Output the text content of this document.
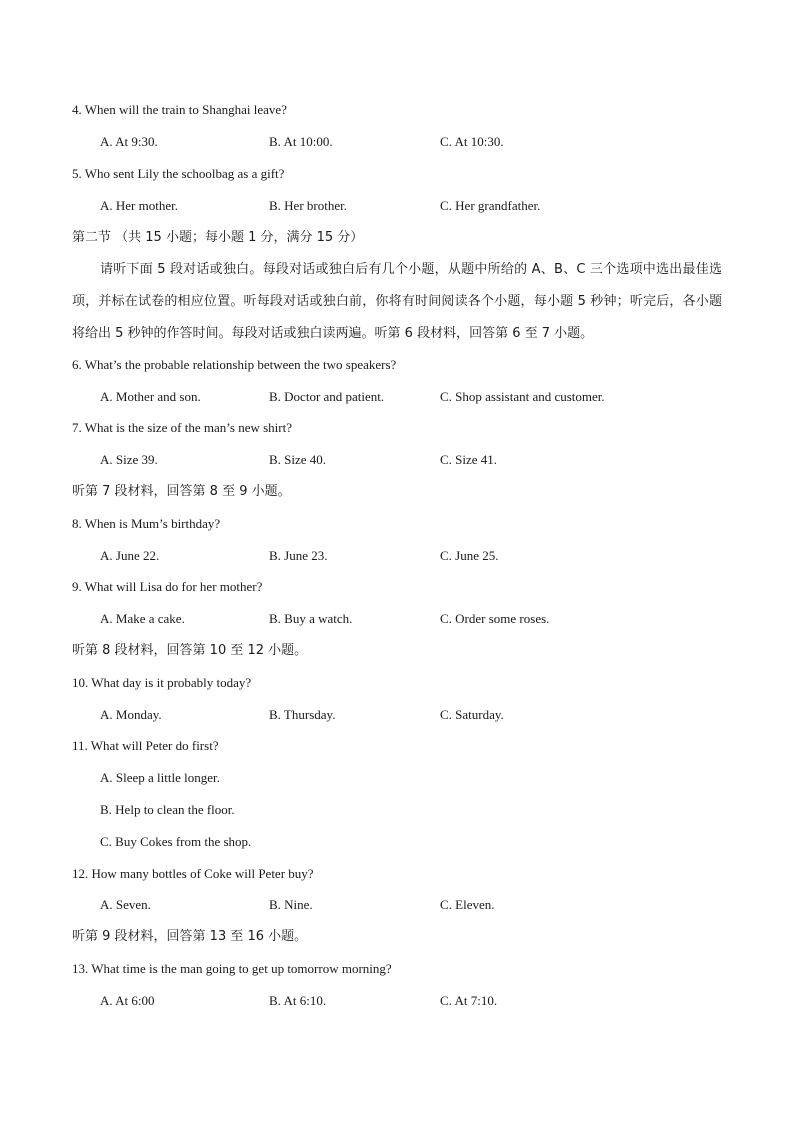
4. When will the train to Shanghai leave?
A. At 9:30.	B. At 10:00.	C. At 10:30.
5. Who sent Lily the schoolbag as a gift?
A. Her mother.	B. Her brother.	C. Her grandfather.
第二节 （共 15 小题；每小题 1 分，满分 15 分）
请听下面 5 段对话或独白。每段对话或独白后有几个小题，从题中所给的 A、B、C 三个选项中选出最佳选项，并标在试卷的相应位置。听每段对话或独白前，你将有时间阅读各个小题，每小题 5 秒钟；听完后，各小题将给出 5 秒钟的作答时间。每段对话或独白读两遍。听第 6 段材料，回答第 6 至 7 小题。
6. What’s the probable relationship between the two speakers?
A. Mother and son.	B. Doctor and patient.	C. Shop assistant and customer.
7. What is the size of the man’s new shirt?
A. Size 39.	B. Size 40.	C. Size 41.
听第 7 段材料，回答第 8 至 9 小题。
8. When is Mum’s birthday?
A. June 22.	B. June 23.	C. June 25.
9. What will Lisa do for her mother?
A. Make a cake.	B. Buy a watch.	C. Order some roses.
听第 8 段材料，回答第 10 至 12 小题。
10. What day is it probably today?
A. Monday.	B. Thursday.	C. Saturday.
11. What will Peter do first?
A. Sleep a little longer.
B. Help to clean the floor.
C. Buy Cokes from the shop.
12. How many bottles of Coke will Peter buy?
A. Seven.	B. Nine.	C. Eleven.
听第 9 段材料，回答第 13 至 16 小题。
13. What time is the man going to get up tomorrow morning?
A. At 6:00	B. At 6:10.	C. At 7:10.
